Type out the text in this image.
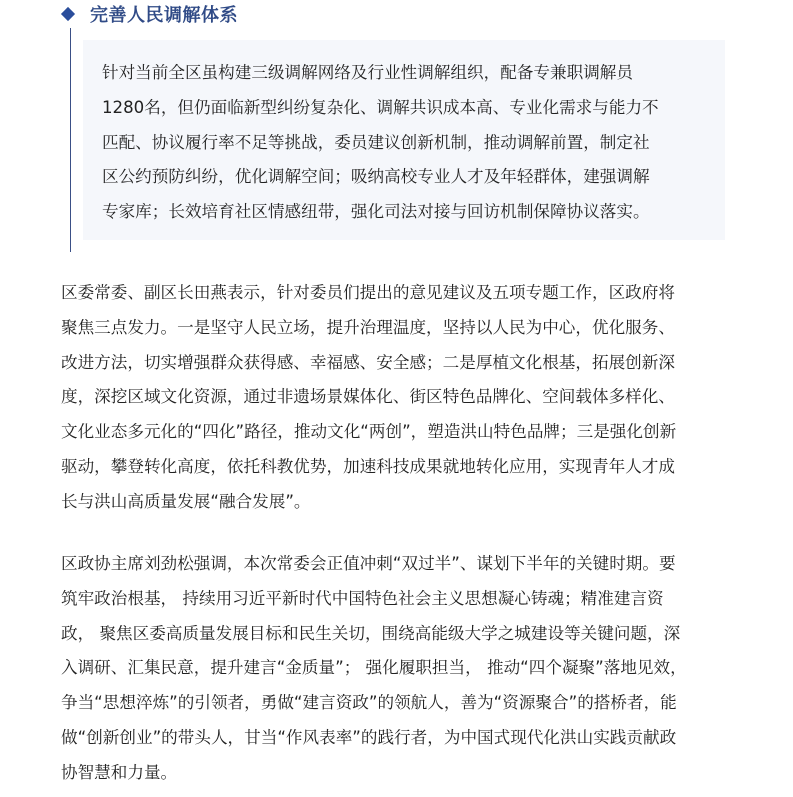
完善人民调解体系
针对当前全区虽构建三级调解网络及行业性调解组织，配备专兼职调解员
1280名，但仍面临新型纠纷复杂化、调解共识成本高、专业化需求与能力不
匹配、协议履行率不足等挑战，委员建议创新机制，推动调解前置，制定社
区公约预防纠纷，优化调解空间；吸纳高校专业人才及年轻群体，建强调解
专家库；长效培育社区情感纽带，强化司法对接与回访机制保障协议落实。
区委常委、副区长田燕表示，针对委员们提出的意见建议及五项专题工作，区政府将
聚焦三点发力。一是坚守人民立场，提升治理温度，坚持以人民为中心，优化服务、
改进方法，切实增强群众获得感、幸福感、安全感；二是厚植文化根基，拓展创新深
度，深挖区域文化资源，通过非遗场景媒体化、街区特色品牌化、空间载体多样化、
文化业态多元化的“四化”路径，推动文化“两创”，塑造洪山特色品牌；三是强化创新
驱动，攀登转化高度，依托科教优势，加速科技成果就地转化应用，实现青年人才成
长与洪山高质量发展“融合发展”。
区政协主席刘劲松强调，本次常委会正值冲刺“双过半”、谋划下半年的关键时期。要
筑牢政治根基， 持续用习近平新时代中国特色社会主义思想凝心铸魂；精准建言资
政， 聚焦区委高质量发展目标和民生关切，围绕高能级大学之城建设等关键问题，深
入调研、汇集民意，提升建言“金质量”； 强化履职担当， 推动“四个凝聚”落地见效，
争当“思想淬炼”的引领者，勇做“建言资政”的领航人，善为“资源聚合”的搭桥者，能
做“创新创业”的带头人，甘当“作风表率”的践行者，为中国式现代化洪山实践贡献政
协智慧和力量。
